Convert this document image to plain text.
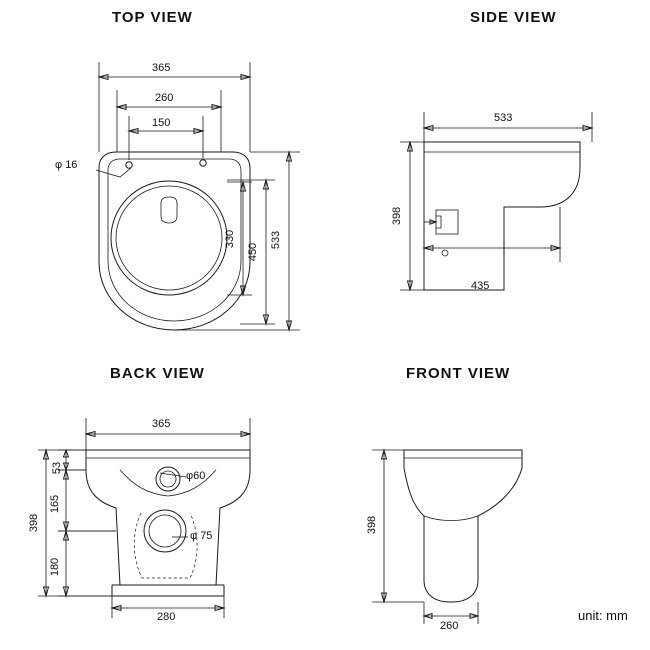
TOP VIEW	SIDE VIEW
BACK VIEW	FRONT VIEW
365
260
150
φ 16
533
450
330
533
398
435
365
280
398
53
165
180
φ60
φ 75
398
260
unit: mm
